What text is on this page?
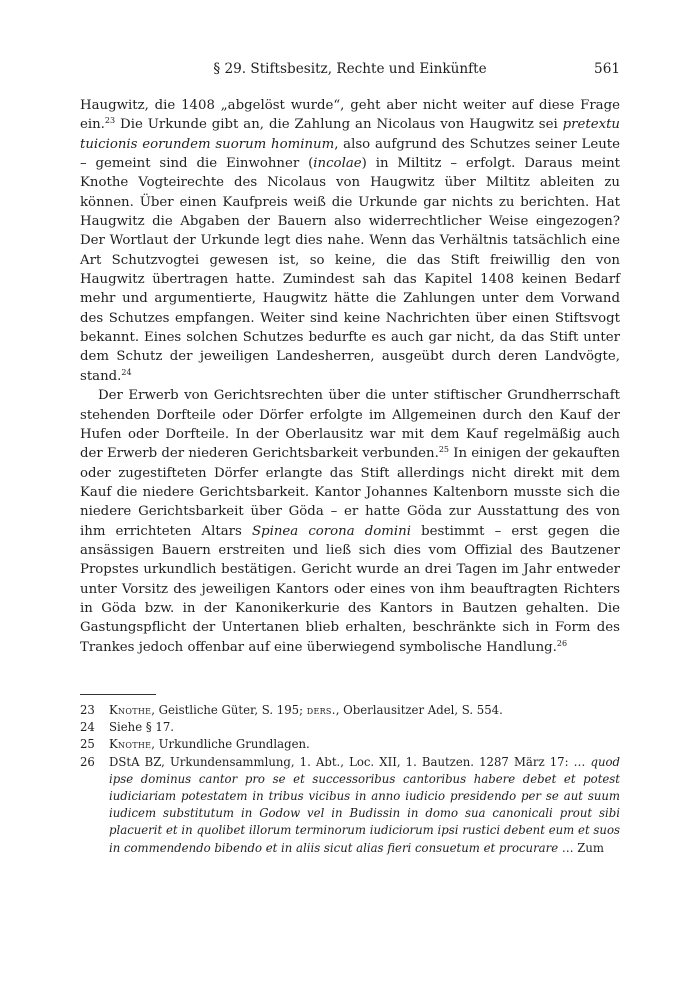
§ 29. Stiftsbesitz, Rechte und Einkünfte	561

Haugwitz, die 1408 „abgelöst wurde“, geht aber nicht weiter auf diese Frage ein.$^{23}$ Die Urkunde gibt an, die Zahlung an Nicolaus von Haugwitz sei pretextu tuicionis eorundem suorum hominum, also aufgrund des Schutzes seiner Leute – gemeint sind die Einwohner (incolae) in Miltitz – erfolgt. Daraus meint Knothe Vogteirechte des Nicolaus von Haugwitz über Miltitz ableiten zu können. Über einen Kaufpreis weiß die Urkunde gar nichts zu berichten. Hat Haugwitz die Abgaben der Bauern also widerrechtlicher Weise eingezogen? Der Wortlaut der Urkunde legt dies nahe. Wenn das Verhältnis tatsächlich eine Art Schutzvogtei gewesen ist, so keine, die das Stift freiwillig den von Haugwitz übertragen hatte. Zumindest sah das Kapitel 1408 keinen Bedarf mehr und argumentierte, Haugwitz hätte die Zahlungen unter dem Vorwand des Schutzes empfangen. Weiter sind keine Nachrichten über einen Stiftsvogt bekannt. Eines solchen Schutzes bedurfte es auch gar nicht, da das Stift unter dem Schutz der jeweiligen Landesherren, ausgeübt durch deren Landvögte, stand.$^{24}$

Der Erwerb von Gerichtsrechten über die unter stiftischer Grundherrschaft stehenden Dorfteile oder Dörfer erfolgte im Allgemeinen durch den Kauf der Hufen oder Dorfteile. In der Oberlausitz war mit dem Kauf regelmäßig auch der Erwerb der niederen Gerichtsbarkeit verbunden.$^{25}$ In einigen der gekauften oder zugestifteten Dörfer erlangte das Stift allerdings nicht direkt mit dem Kauf die niedere Gerichtsbarkeit. Kantor Johannes Kaltenborn musste sich die niedere Gerichtsbarkeit über Göda – er hatte Göda zur Ausstattung des von ihm errichteten Altars Spinea corona domini bestimmt – erst gegen die ansässigen Bauern erstreiten und ließ sich dies vom Offizial des Bautzener Propstes urkundlich bestätigen. Gericht wurde an drei Tagen im Jahr entweder unter Vorsitz des jeweiligen Kantors oder eines von ihm beauftragten Richters in Göda bzw. in der Kanonikerkurie des Kantors in Bautzen gehalten. Die Gastungspflicht der Untertanen blieb erhalten, beschränkte sich in Form des Trankes jedoch offenbar auf eine überwiegend symbolische Handlung.$^{26}$

23 Knothe, Geistliche Güter, S. 195; ders., Oberlausitzer Adel, S. 554.
24 Siehe § 17.
25 Knothe, Urkundliche Grundlagen.
26 DStA BZ, Urkundensammlung, 1. Abt., Loc. XII, 1. Bautzen. 1287 März 17: … quod ipse dominus cantor pro se et successoribus cantoribus habere debet et potest iudiciariam potestatem in tribus vicibus in anno iudicio presidendo per se aut suum iudicem substitutum in Godow vel in Budissin in domo sua canonicali prout sibi placuerit et in quolibet illorum terminorum iudiciorum ipsi rustici debent eum et suos in commendendo bibendo et in aliis sicut alias fieri consuetum et procurare … Zum
